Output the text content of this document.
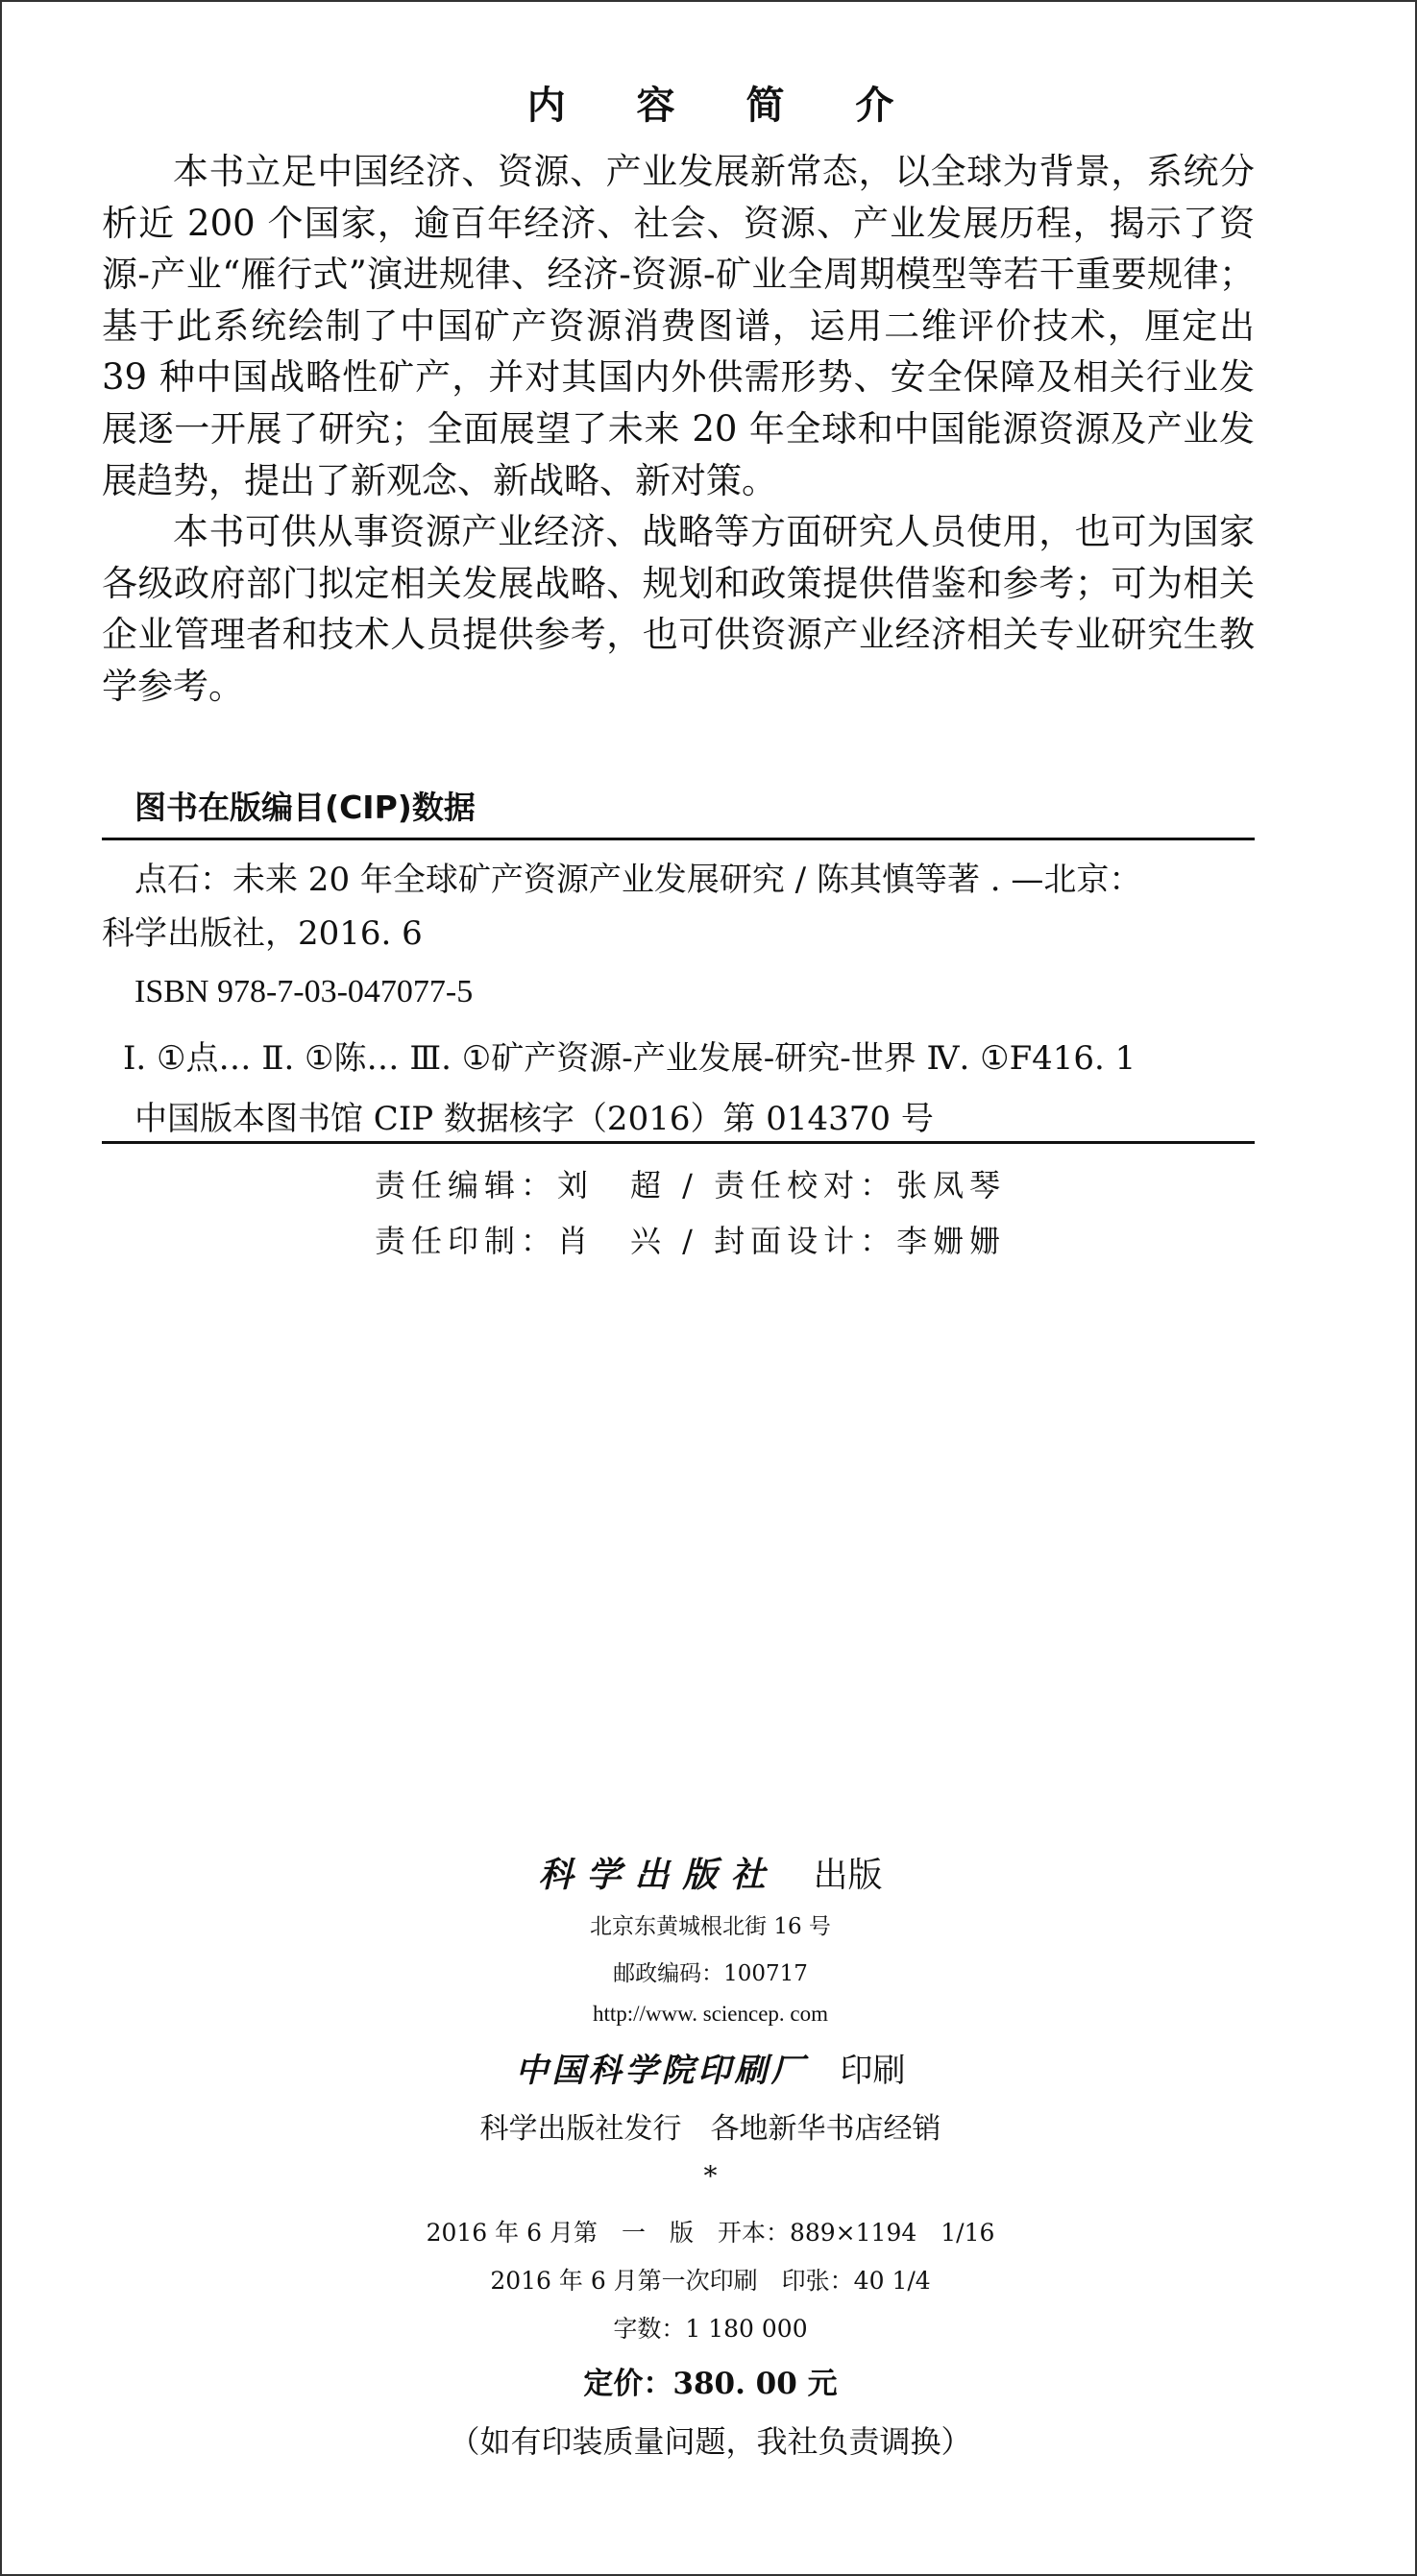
内 容 简 介

本书立足中国经济、资源、产业发展新常态，以全球为背景，系统分析近 200 个国家，逾百年经济、社会、资源、产业发展历程，揭示了资源-产业“雁行式”演进规律、经济-资源-矿业全周期模型等若干重要规律；基于此系统绘制了中国矿产资源消费图谱，运用二维评价技术，厘定出 39 种中国战略性矿产，并对其国内外供需形势、安全保障及相关行业发展逐一开展了研究；全面展望了未来 20 年全球和中国能源资源及产业发展趋势，提出了新观念、新战略、新对策。

本书可供从事资源产业经济、战略等方面研究人员使用，也可为国家各级政府部门拟定相关发展战略、规划和政策提供借鉴和参考；可为相关企业管理者和技术人员提供参考，也可供资源产业经济相关专业研究生教学参考。

图书在版编目(CIP)数据
点石：未来 20 年全球矿产资源产业发展研究 / 陈其慎等著 . —北京：
科学出版社，2016. 6
ISBN 978-7-03-047077-5
Ⅰ. ①点… Ⅱ. ①陈… Ⅲ. ①矿产资源-产业发展-研究-世界 Ⅳ. ①F416. 1
中国版本图书馆 CIP 数据核字（2016）第 014370 号
责任编辑：刘　超 / 责任校对：张凤琴
责任印制：肖　兴 / 封面设计：李姗姗
科学出版社　 出版
北京东黄城根北街 16 号
邮政编码：100717
http://www. sciencep. com
中国科学院印刷厂　 印刷
科学出版社发行　各地新华书店经销
*
2016 年 6 月第　一　版　开本：889×1194　1/16
2016 年 6 月第一次印刷　印张：40 1/4
字数：1 180 000
定价：380. 00 元
（如有印装质量问题，我社负责调换）
